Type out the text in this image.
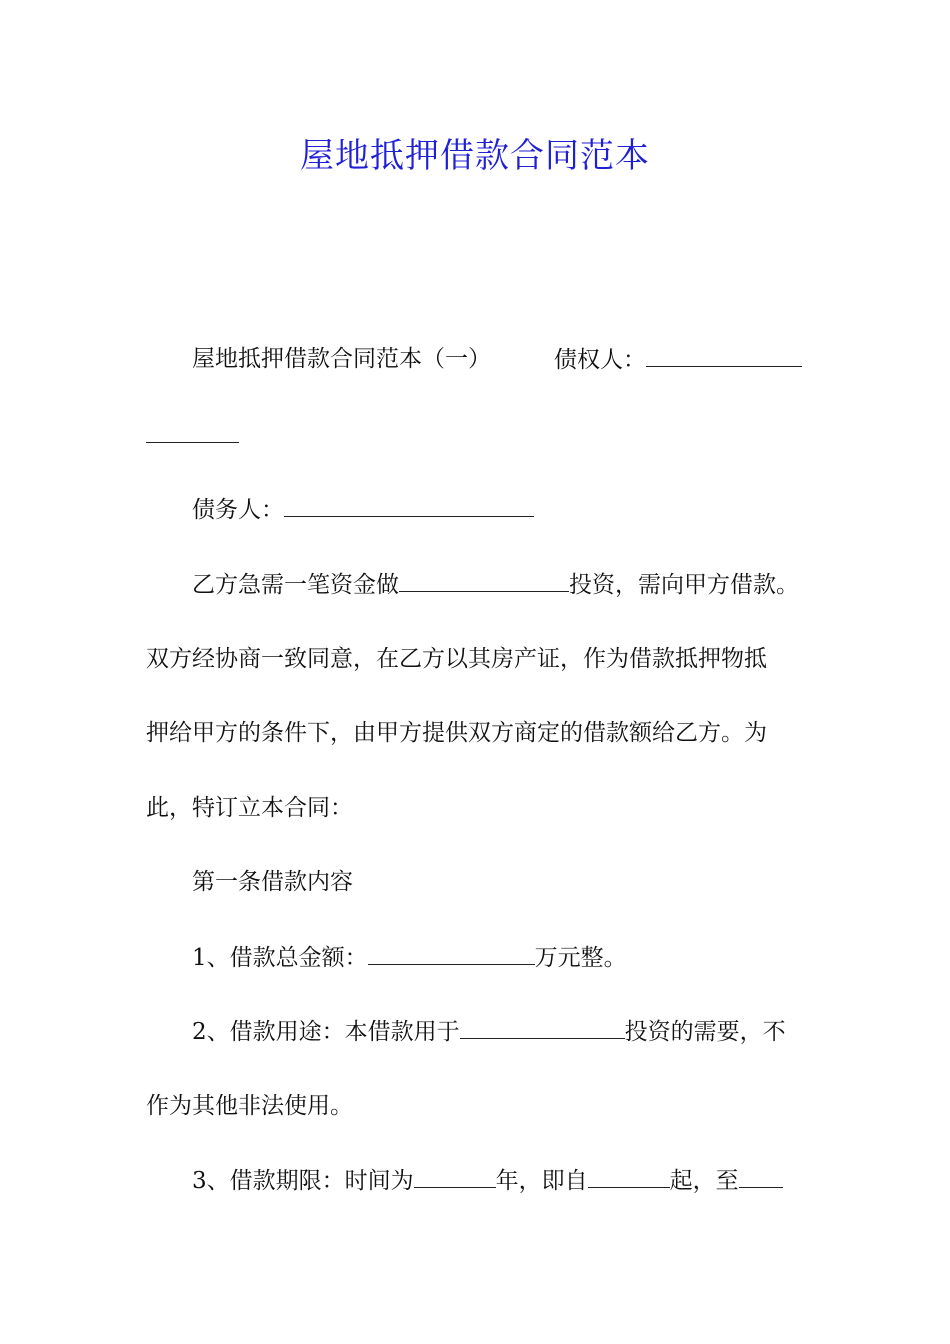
屋地抵押借款合同范本
屋地抵押借款合同范本（一）	债权人：
债务人：
乙方急需一笔资金做	投资，需向甲方借款。
双方经协商一致同意，在乙方以其房产证，作为借款抵押物抵
押给甲方的条件下，由甲方提供双方商定的借款额给乙方。为
此，特订立本合同：
第一条借款内容
1、借款总金额：	万元整。
2、借款用途：本借款用于	投资的需要，不
作为其他非法使用。
3、借款期限：时间为	年，即自	起，至
